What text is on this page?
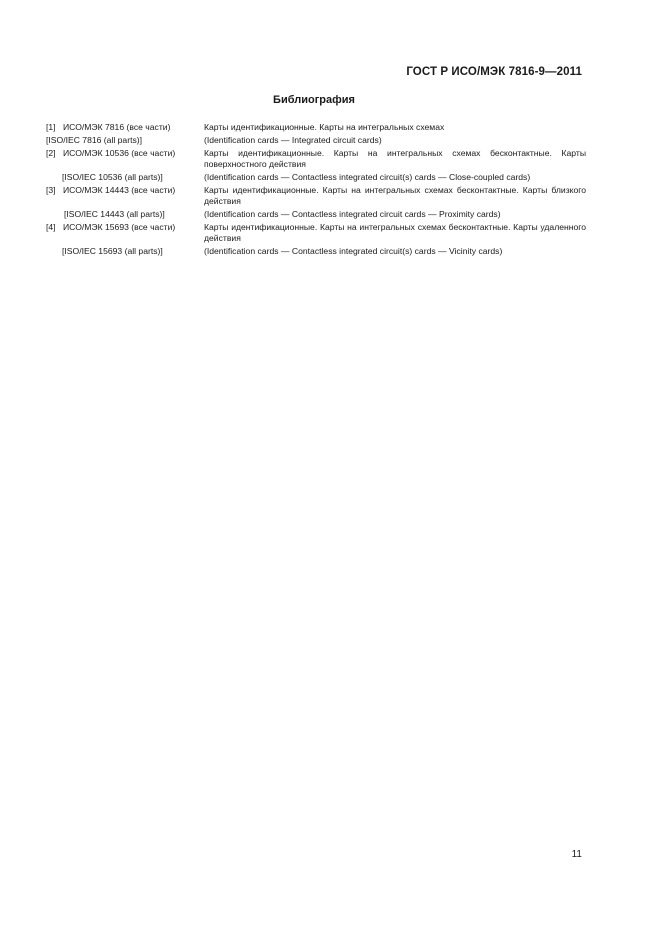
ГОСТ Р ИСО/МЭК 7816-9—2011
Библиография
[1] ИСО/МЭК 7816 (все части)	Карты идентификационные. Карты на интегральных схемах
[ISO/IEC 7816 (all parts)]	(Identification cards — Integrated circuit cards)
[2] ИСО/МЭК 10536 (все части)	Карты идентификационные. Карты на интегральных схемах бесконтактные. Карты поверхностного действия
[ISO/IEC 10536 (all parts)]	(Identification cards — Contactless integrated circuit(s) cards — Close-coupled cards)
[3] ИСО/МЭК 14443 (все части)	Карты идентификационные. Карты на интегральных схемах бесконтактные. Карты близкого действия
[ISO/IEC 14443 (all parts)]	(Identification cards — Contactless integrated circuit cards — Proximity cards)
[4] ИСО/МЭК 15693 (все части)	Карты идентификационные. Карты на интегральных схемах бесконтактные. Карты удаленного действия
[ISO/IEC 15693 (all parts)]	(Identification cards — Contactless integrated circuit(s) cards — Vicinity cards)
11
